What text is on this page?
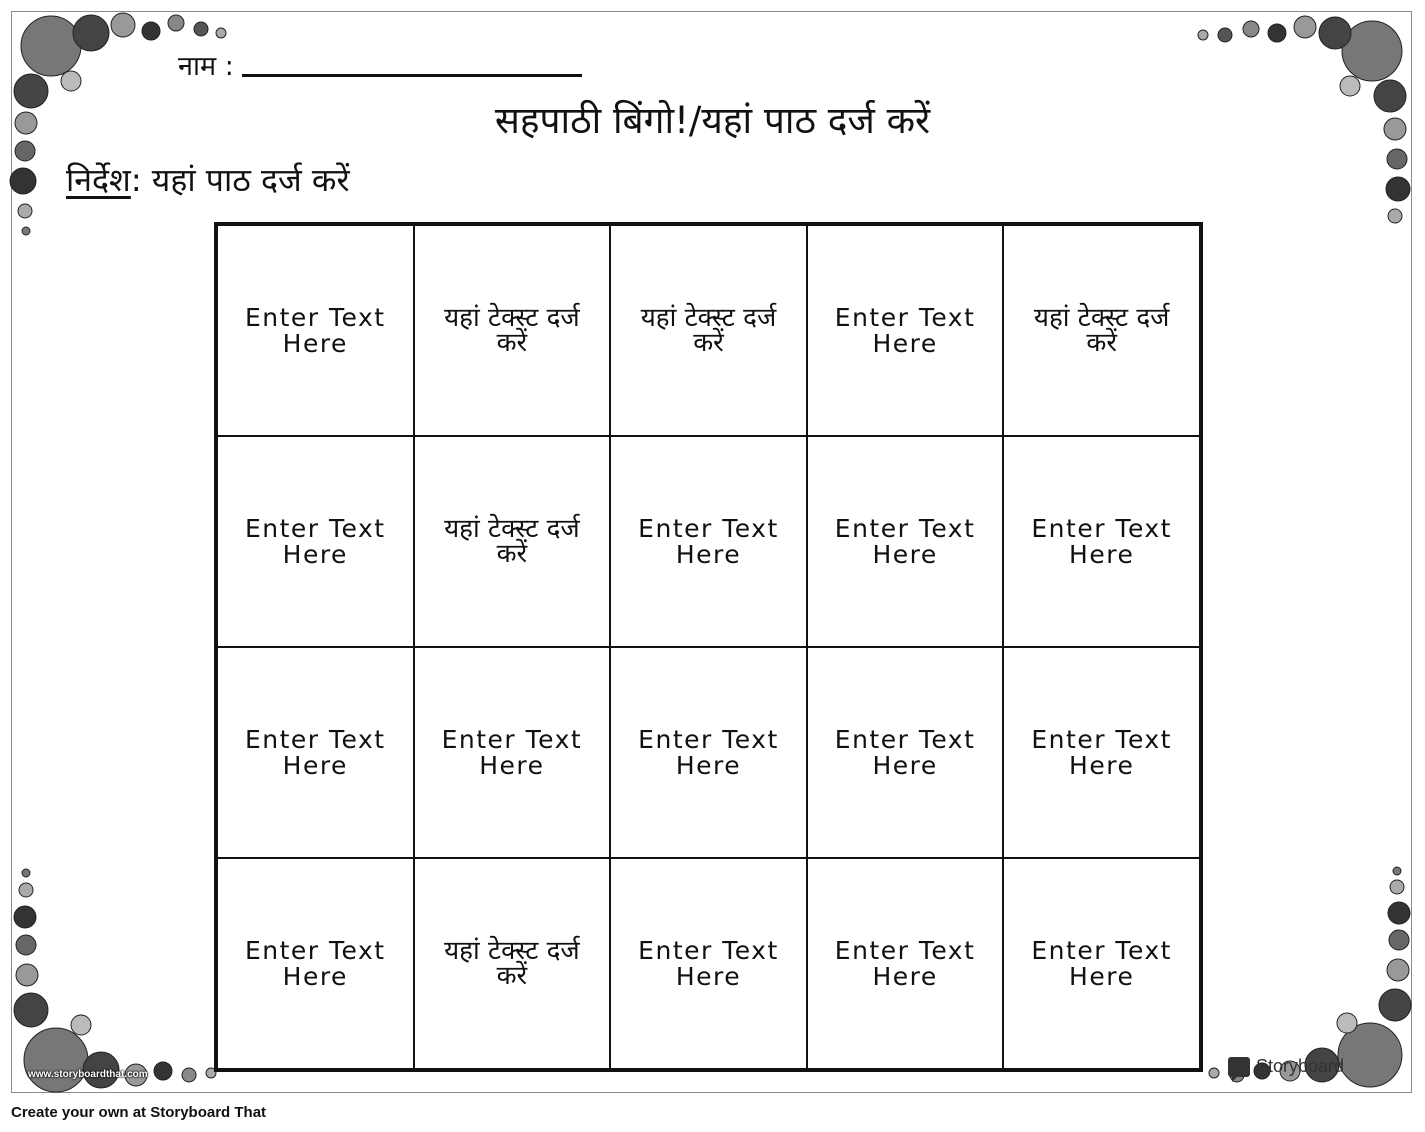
नाम :
सहपाठी बिंगो!/यहां पाठ दर्ज करें
निर्देश: यहां पाठ दर्ज करें
Enter Text Here
यहां टेक्स्ट दर्ज करें
यहां टेक्स्ट दर्ज करें
Enter Text Here
यहां टेक्स्ट दर्ज करें
Enter Text Here
यहां टेक्स्ट दर्ज करें
Enter Text Here
Enter Text Here
Enter Text Here
Enter Text Here
Enter Text Here
Enter Text Here
Enter Text Here
Enter Text Here
Enter Text Here
यहां टेक्स्ट दर्ज करें
Enter Text Here
Enter Text Here
Enter Text Here
www.storyboardthat.com	Storyboard
Create your own at Storyboard That
